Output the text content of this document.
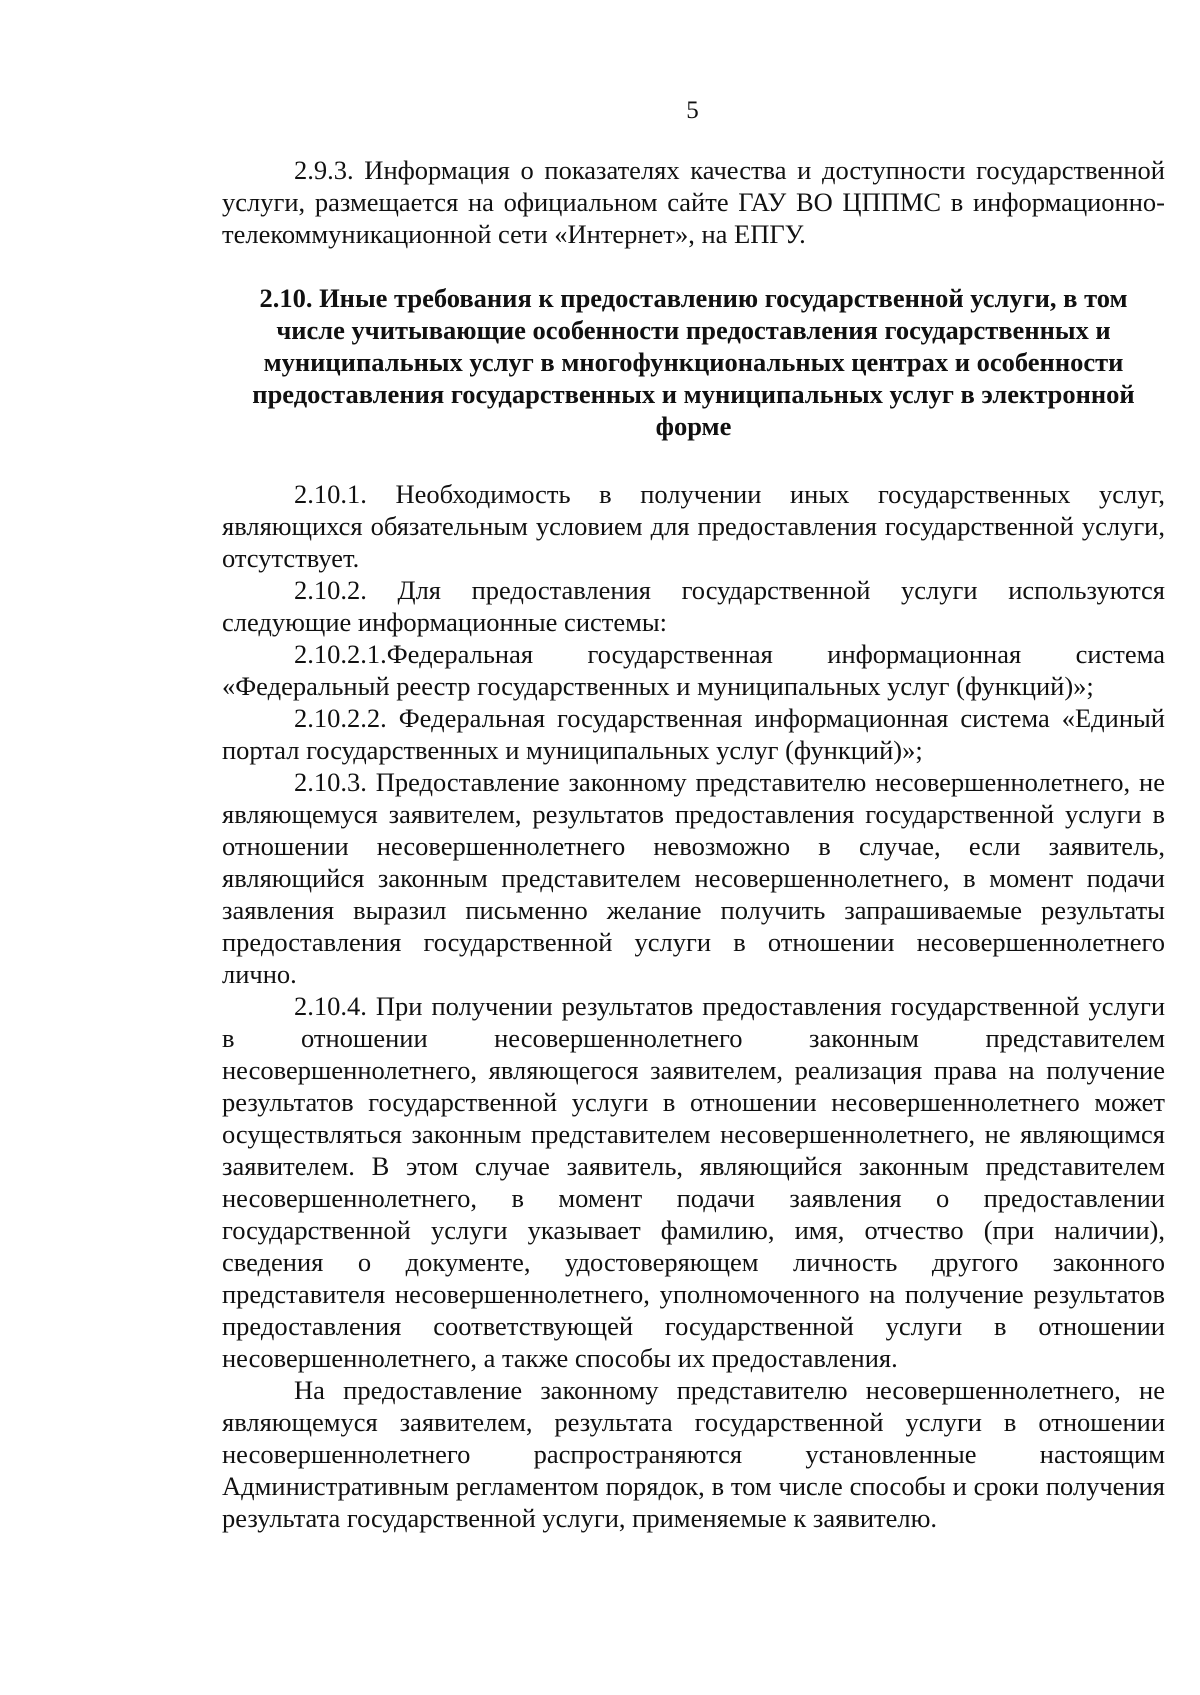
5

2.9.3. Информация о показателях качества и доступности государственной услуги, размещается на официальном сайте ГАУ ВО ЦППМС в информационно-телекоммуникационной сети «Интернет», на ЕПГУ.

2.10. Иные требования к предоставлению государственной услуги, в том числе учитывающие особенности предоставления государственных и муниципальных услуг в многофункциональных центрах и особенности предоставления государственных и муниципальных услуг в электронной форме

2.10.1. Необходимость в получении иных государственных услуг, являющихся обязательным условием для предоставления государственной услуги, отсутствует.

2.10.2. Для предоставления государственной услуги используются следующие информационные системы:

2.10.2.1.Федеральная государственная информационная система «Федеральный реестр государственных и муниципальных услуг (функций)»;

2.10.2.2. Федеральная государственная информационная система «Единый портал государственных и муниципальных услуг (функций)»;

2.10.3. Предоставление законному представителю несовершеннолетнего, не являющемуся заявителем, результатов предоставления государственной услуги в отношении несовершеннолетнего невозможно в случае, если заявитель, являющийся законным представителем несовершеннолетнего, в момент подачи заявления выразил письменно желание получить запрашиваемые результаты предоставления государственной услуги в отношении несовершеннолетнего лично.

2.10.4. При получении результатов предоставления государственной услуги в отношении несовершеннолетнего законным представителем несовершеннолетнего, являющегося заявителем, реализация права на получение результатов государственной услуги в отношении несовершеннолетнего может осуществляться законным представителем несовершеннолетнего, не являющимся заявителем. В этом случае заявитель, являющийся законным представителем несовершеннолетнего, в момент подачи заявления о предоставлении государственной услуги указывает фамилию, имя, отчество (при наличии), сведения о документе, удостоверяющем личность другого законного представителя несовершеннолетнего, уполномоченного на получение результатов предоставления соответствующей государственной услуги в отношении несовершеннолетнего, а также способы их предоставления.

На предоставление законному представителю несовершеннолетнего, не являющемуся заявителем, результата государственной услуги в отношении несовершеннолетнего распространяются установленные настоящим Административным регламентом порядок, в том числе способы и сроки получения результата государственной услуги, применяемые к заявителю.
